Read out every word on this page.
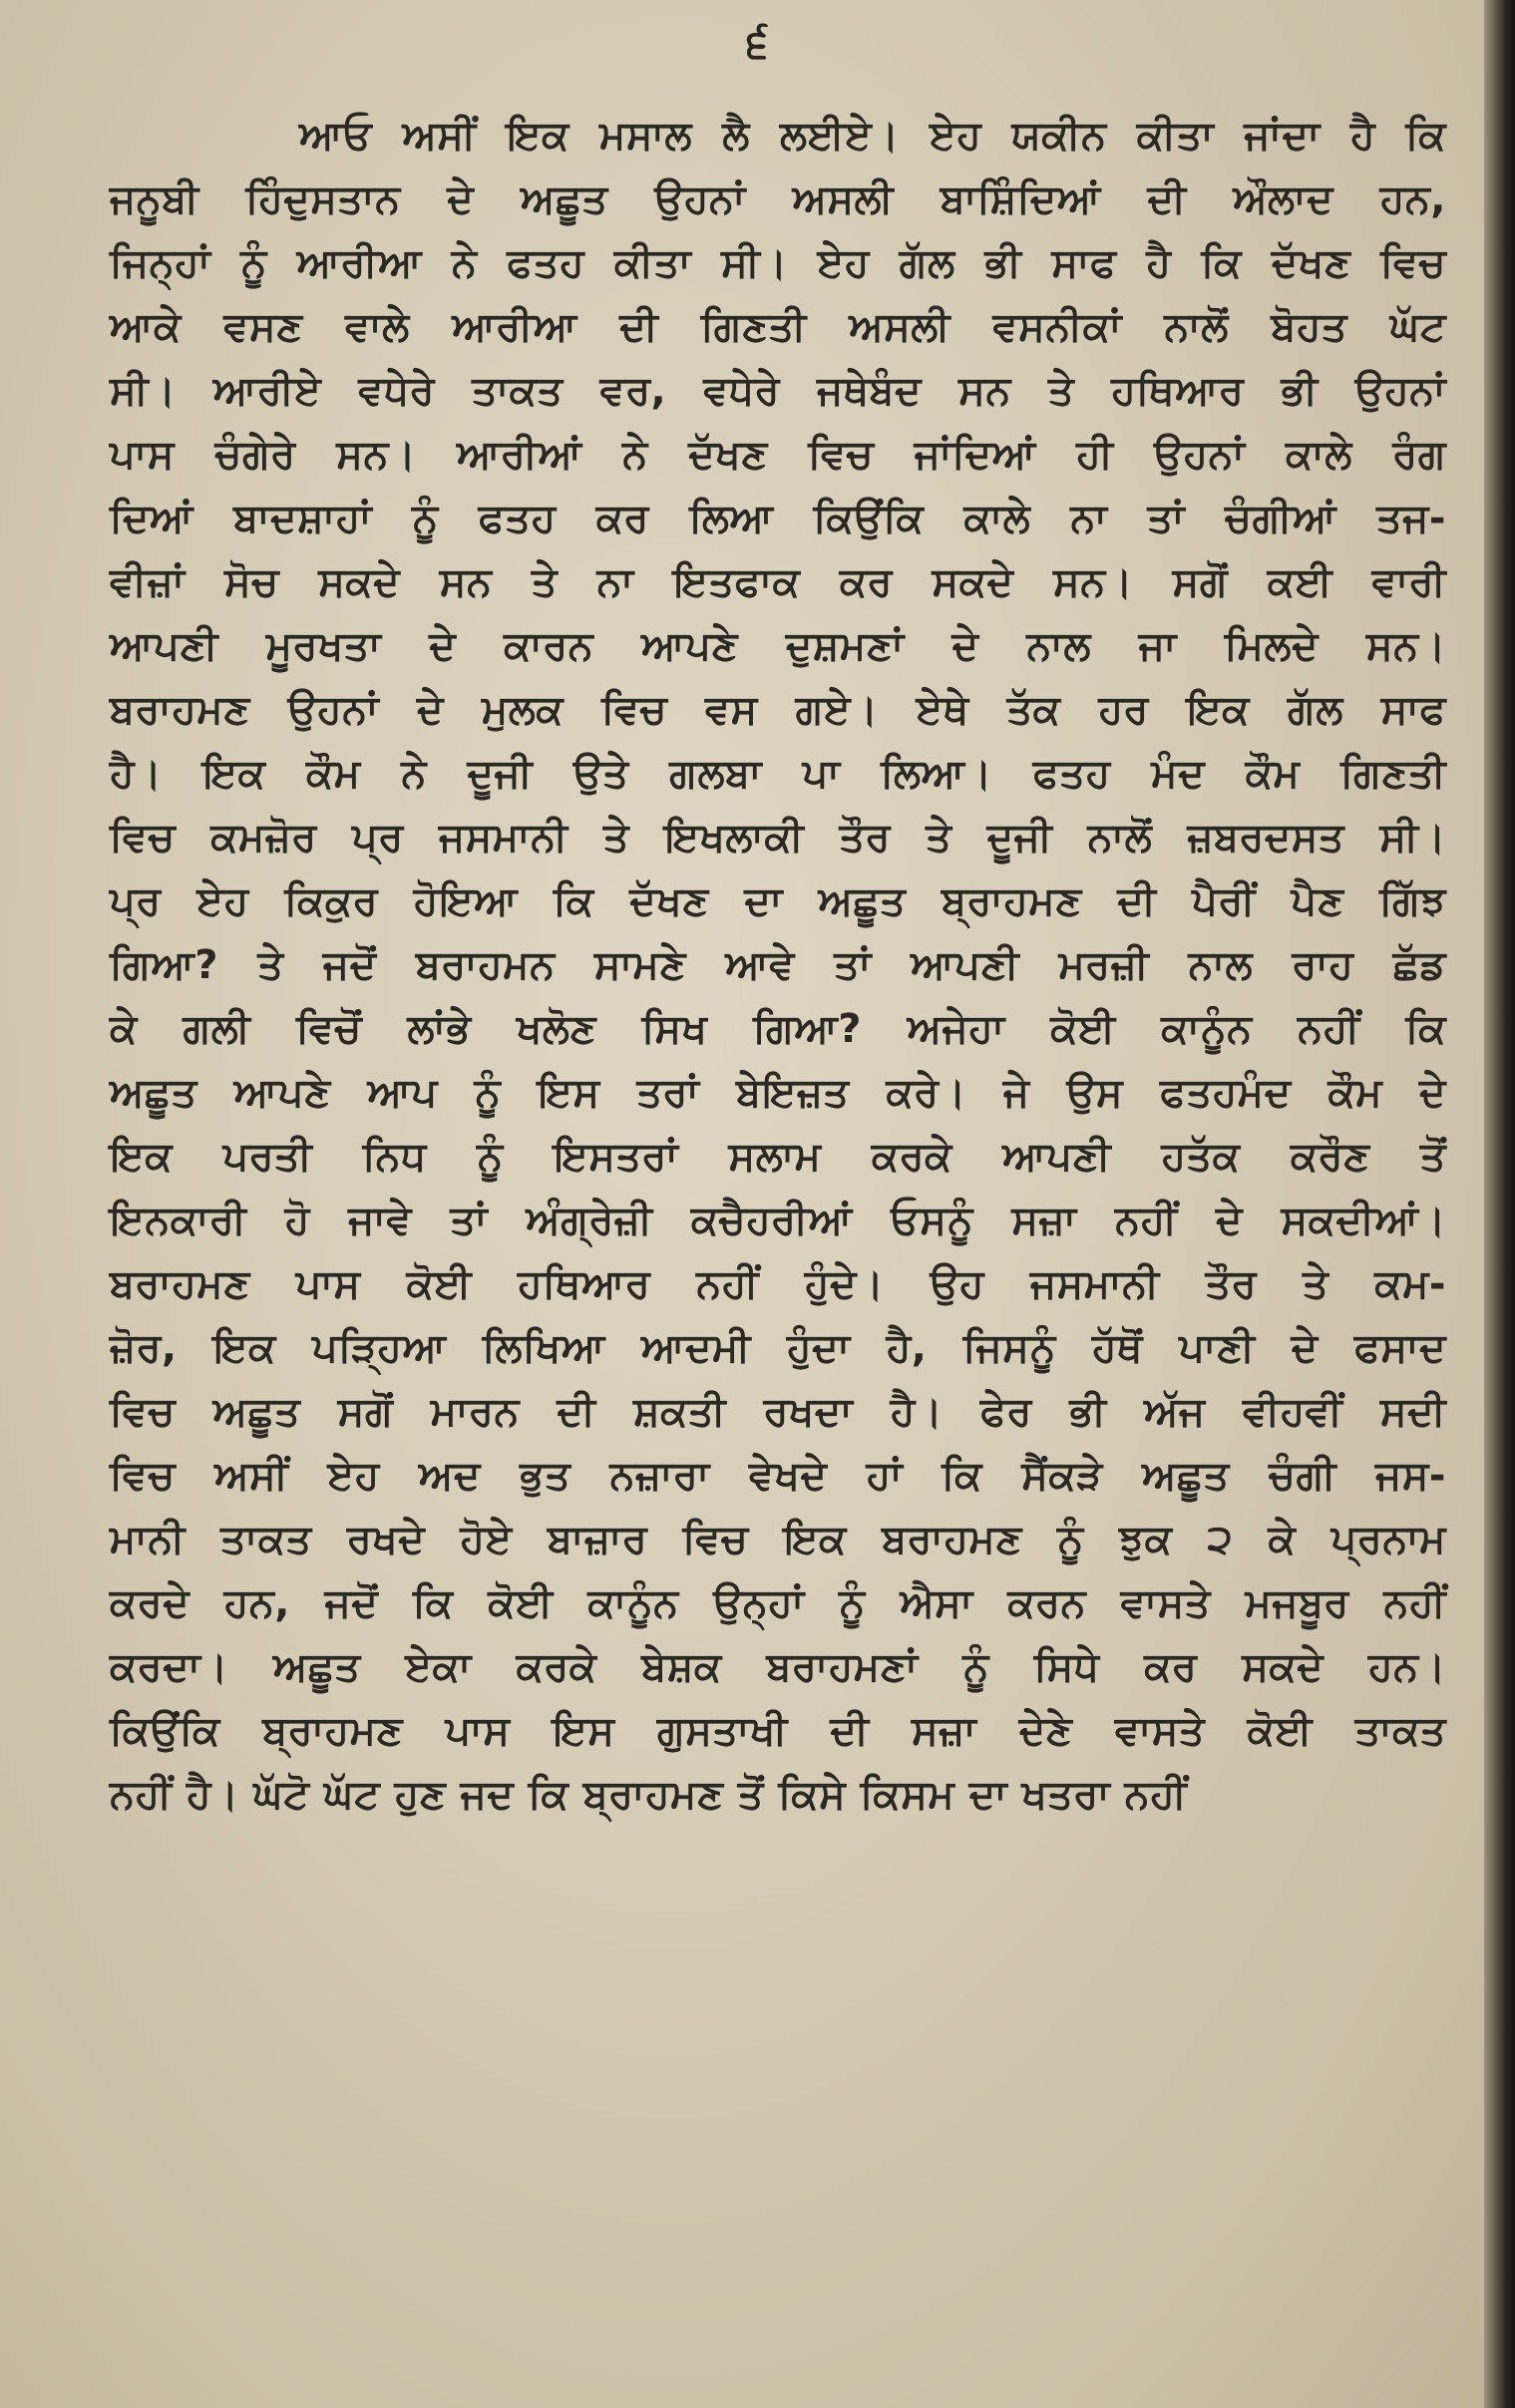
੬
ਆਓ ਅਸੀਂ ਇਕ ਮਸਾਲ ਲੈ ਲਈਏ। ਏਹ ਯਕੀਨ ਕੀਤਾ ਜਾਂਦਾ ਹੈ ਕਿ
ਜਨੂਬੀ ਹਿੰਦੁਸਤਾਨ ਦੇ ਅਛੂਤ ਉਹਨਾਂ ਅਸਲੀ ਬਾਸ਼ਿੰਦਿਆਂ ਦੀ ਔਲਾਦ ਹਨ,
ਜਿਨ੍ਹਾਂ ਨੂੰ ਆਰੀਆ ਨੇ ਫਤਹ ਕੀਤਾ ਸੀ। ਏਹ ਗੱਲ ਭੀ ਸਾਫ ਹੈ ਕਿ ਦੱਖਣ ਵਿਚ
ਆਕੇ ਵਸਣ ਵਾਲੇ ਆਰੀਆ ਦੀ ਗਿਣਤੀ ਅਸਲੀ ਵਸਨੀਕਾਂ ਨਾਲੋਂ ਬੋਹਤ ਘੱਟ
ਸੀ। ਆਰੀਏ ਵਧੇਰੇ ਤਾਕਤ ਵਰ, ਵਧੇਰੇ ਜਥੇਬੰਦ ਸਨ ਤੇ ਹਥਿਆਰ ਭੀ ਉਹਨਾਂ
ਪਾਸ ਚੰਗੇਰੇ ਸਨ। ਆਰੀਆਂ ਨੇ ਦੱਖਣ ਵਿਚ ਜਾਂਦਿਆਂ ਹੀ ਉਹਨਾਂ ਕਾਲੇ ਰੰਗ
ਦਿਆਂ ਬਾਦਸ਼ਾਹਾਂ ਨੂੰ ਫਤਹ ਕਰ ਲਿਆ ਕਿਉਂਕਿ ਕਾਲੇ ਨਾ ਤਾਂ ਚੰਗੀਆਂ ਤਜ-
ਵੀਜ਼ਾਂ ਸੋਚ ਸਕਦੇ ਸਨ ਤੇ ਨਾ ਇਤਫਾਕ ਕਰ ਸਕਦੇ ਸਨ। ਸਗੋਂ ਕਈ ਵਾਰੀ
ਆਪਣੀ ਮੂਰਖਤਾ ਦੇ ਕਾਰਨ ਆਪਣੇ ਦੁਸ਼ਮਣਾਂ ਦੇ ਨਾਲ ਜਾ ਮਿਲਦੇ ਸਨ।
ਬਰਾਹਮਣ ਉਹਨਾਂ ਦੇ ਮੁਲਕ ਵਿਚ ਵਸ ਗਏ। ਏਥੇ ਤੱਕ ਹਰ ਇਕ ਗੱਲ ਸਾਫ
ਹੈ। ਇਕ ਕੌਮ ਨੇ ਦੂਜੀ ਉਤੇ ਗਲਬਾ ਪਾ ਲਿਆ। ਫਤਹ ਮੰਦ ਕੌਮ ਗਿਣਤੀ
ਵਿਚ ਕਮਜ਼ੋਰ ਪ੍ਰ ਜਸਮਾਨੀ ਤੇ ਇਖਲਾਕੀ ਤੌਰ ਤੇ ਦੂਜੀ ਨਾਲੋਂ ਜ਼ਬਰਦਸਤ ਸੀ।
ਪ੍ਰ ਏਹ ਕਿਕੁਰ ਹੋਇਆ ਕਿ ਦੱਖਣ ਦਾ ਅਛੂਤ ਬ੍ਰਾਹਮਣ ਦੀ ਪੈਰੀਂ ਪੈਣ ਗਿੱਝ
ਗਿਆ? ਤੇ ਜਦੋਂ ਬਰਾਹਮਨ ਸਾਮਣੇ ਆਵੇ ਤਾਂ ਆਪਣੀ ਮਰਜ਼ੀ ਨਾਲ ਰਾਹ ਛੱਡ
ਕੇ ਗਲੀ ਵਿਚੋਂ ਲਾਂਭੇ ਖਲੋਣ ਸਿਖ ਗਿਆ? ਅਜੇਹਾ ਕੋਈ ਕਾਨੂੰਨ ਨਹੀਂ ਕਿ
ਅਛੂਤ ਆਪਣੇ ਆਪ ਨੂੰ ਇਸ ਤਰਾਂ ਬੇਇਜ਼ਤ ਕਰੇ। ਜੇ ਉਸ ਫਤਹਮੰਦ ਕੌਮ ਦੇ
ਇਕ ਪਰਤੀ ਨਿਧ ਨੂੰ ਇਸਤਰਾਂ ਸਲਾਮ ਕਰਕੇ ਆਪਣੀ ਹਤੱਕ ਕਰੌਣ ਤੋਂ
ਇਨਕਾਰੀ ਹੋ ਜਾਵੇ ਤਾਂ ਅੰਗ੍ਰੇਜ਼ੀ ਕਚੈਹਰੀਆਂ ਓਸਨੂੰ ਸਜ਼ਾ ਨਹੀਂ ਦੇ ਸਕਦੀਆਂ।
ਬਰਾਹਮਣ ਪਾਸ ਕੋਈ ਹਥਿਆਰ ਨਹੀਂ ਹੁੰਦੇ। ਉਹ ਜਸਮਾਨੀ ਤੌਰ ਤੇ ਕਮ-
ਜ਼ੋਰ, ਇਕ ਪੜ੍ਹਿਆ ਲਿਖਿਆ ਆਦਮੀ ਹੁੰਦਾ ਹੈ, ਜਿਸਨੂੰ ਹੱਥੋਂ ਪਾਣੀ ਦੇ ਫਸਾਦ
ਵਿਚ ਅਛੂਤ ਸਗੋਂ ਮਾਰਨ ਦੀ ਸ਼ਕਤੀ ਰਖਦਾ ਹੈ। ਫੇਰ ਭੀ ਅੱਜ ਵੀਹਵੀਂ ਸਦੀ
ਵਿਚ ਅਸੀਂ ਏਹ ਅਦ ਭੁਤ ਨਜ਼ਾਰਾ ਵੇਖਦੇ ਹਾਂ ਕਿ ਸੈਂਕੜੇ ਅਛੂਤ ਚੰਗੀ ਜਸ-
ਮਾਨੀ ਤਾਕਤ ਰਖਦੇ ਹੋਏ ਬਾਜ਼ਾਰ ਵਿਚ ਇਕ ਬਰਾਹਮਣ ਨੂੰ ਝੁਕ ੨ ਕੇ ਪ੍ਰਨਾਮ
ਕਰਦੇ ਹਨ, ਜਦੋਂ ਕਿ ਕੋਈ ਕਾਨੂੰਨ ਉਨ੍ਹਾਂ ਨੂੰ ਐਸਾ ਕਰਨ ਵਾਸਤੇ ਮਜਬੂਰ ਨਹੀਂ
ਕਰਦਾ। ਅਛੂਤ ਏਕਾ ਕਰਕੇ ਬੇਸ਼ਕ ਬਰਾਹਮਣਾਂ ਨੂੰ ਸਿਧੇ ਕਰ ਸਕਦੇ ਹਨ।
ਕਿਉਂਕਿ ਬ੍ਰਾਹਮਣ ਪਾਸ ਇਸ ਗੁਸਤਾਖੀ ਦੀ ਸਜ਼ਾ ਦੇਣੇ ਵਾਸਤੇ ਕੋਈ ਤਾਕਤ
ਨਹੀਂ ਹੈ। ਘੱਟੋ ਘੱਟ ਹੁਣ ਜਦ ਕਿ ਬ੍ਰਾਹਮਣ ਤੋਂ ਕਿਸੇ ਕਿਸਮ ਦਾ ਖਤਰਾ ਨਹੀਂ
